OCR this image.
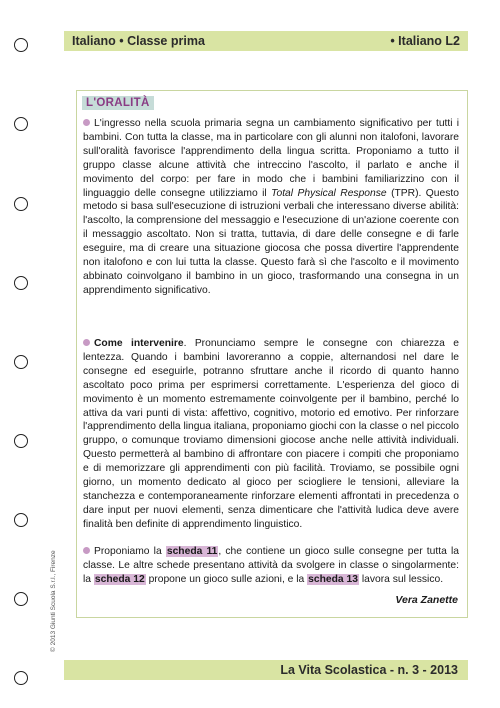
Italiano • Classe prima	• Italiano L2
© 2013 Giunti Scuola S.r.l., Firenze
L'ORALITÀ

L'ingresso nella scuola primaria segna un cambiamento significativo per tutti i bambini. Con tutta la classe, ma in particolare con gli alunni non italofoni, lavorare sull'oralità favorisce l'apprendimento della lingua scritta. Proponiamo a tutto il gruppo classe alcune attività che intreccino l'ascolto, il parlato e anche il movimento del corpo: per fare in modo che i bambini familiarizzino con il linguaggio delle consegne utilizziamo il Total Physical Response (TPR). Questo metodo si basa sull'esecuzione di istruzioni verbali che interessano diverse abilità: l'ascolto, la comprensione del messaggio e l'esecuzione di un'azione coerente con il messaggio ascoltato. Non si tratta, tuttavia, di dare delle consegne e di farle eseguire, ma di creare una situazione giocosa che possa divertire l'apprendente non italofono e con lui tutta la classe. Questo farà sì che l'ascolto e il movimento abbinato coinvolgano il bambino in un gioco, trasformando una consegna in un apprendimento significativo.

Come intervenire. Pronunciamo sempre le consegne con chiarezza e lentezza. Quando i bambini lavoreranno a coppie, alternandosi nel dare le consegne ed eseguirle, potranno sfruttare anche il ricordo di quanto hanno ascoltato poco prima per esprimersi correttamente. L'esperienza del gioco di movimento è un momento estremamente coinvolgente per il bambino, perché lo attiva da vari punti di vista: affettivo, cognitivo, motorio ed emotivo. Per rinforzare l'apprendimento della lingua italiana, proponiamo giochi con la classe o nel piccolo gruppo, o comunque troviamo dimensioni giocose anche nelle attività individuali. Questo permetterà al bambino di affrontare con piacere i compiti che proponiamo e di memorizzare gli apprendimenti con più facilità. Troviamo, se possibile ogni giorno, un momento dedicato al gioco per sciogliere le tensioni, alleviare la stanchezza e contemporaneamente rinforzare elementi affrontati in precedenza o dare input per nuovi elementi, senza dimenticare che l'attività ludica deve avere finalità ben definite di apprendimento linguistico.

Proponiamo la scheda 11, che contiene un gioco sulle consegne per tutta la classe. Le altre schede presentano attività da svolgere in classe o singolarmente: la scheda 12 propone un gioco sulle azioni, e la scheda 13 lavora sul lessico.

Vera Zanette
La Vita Scolastica - n. 3 - 2013
